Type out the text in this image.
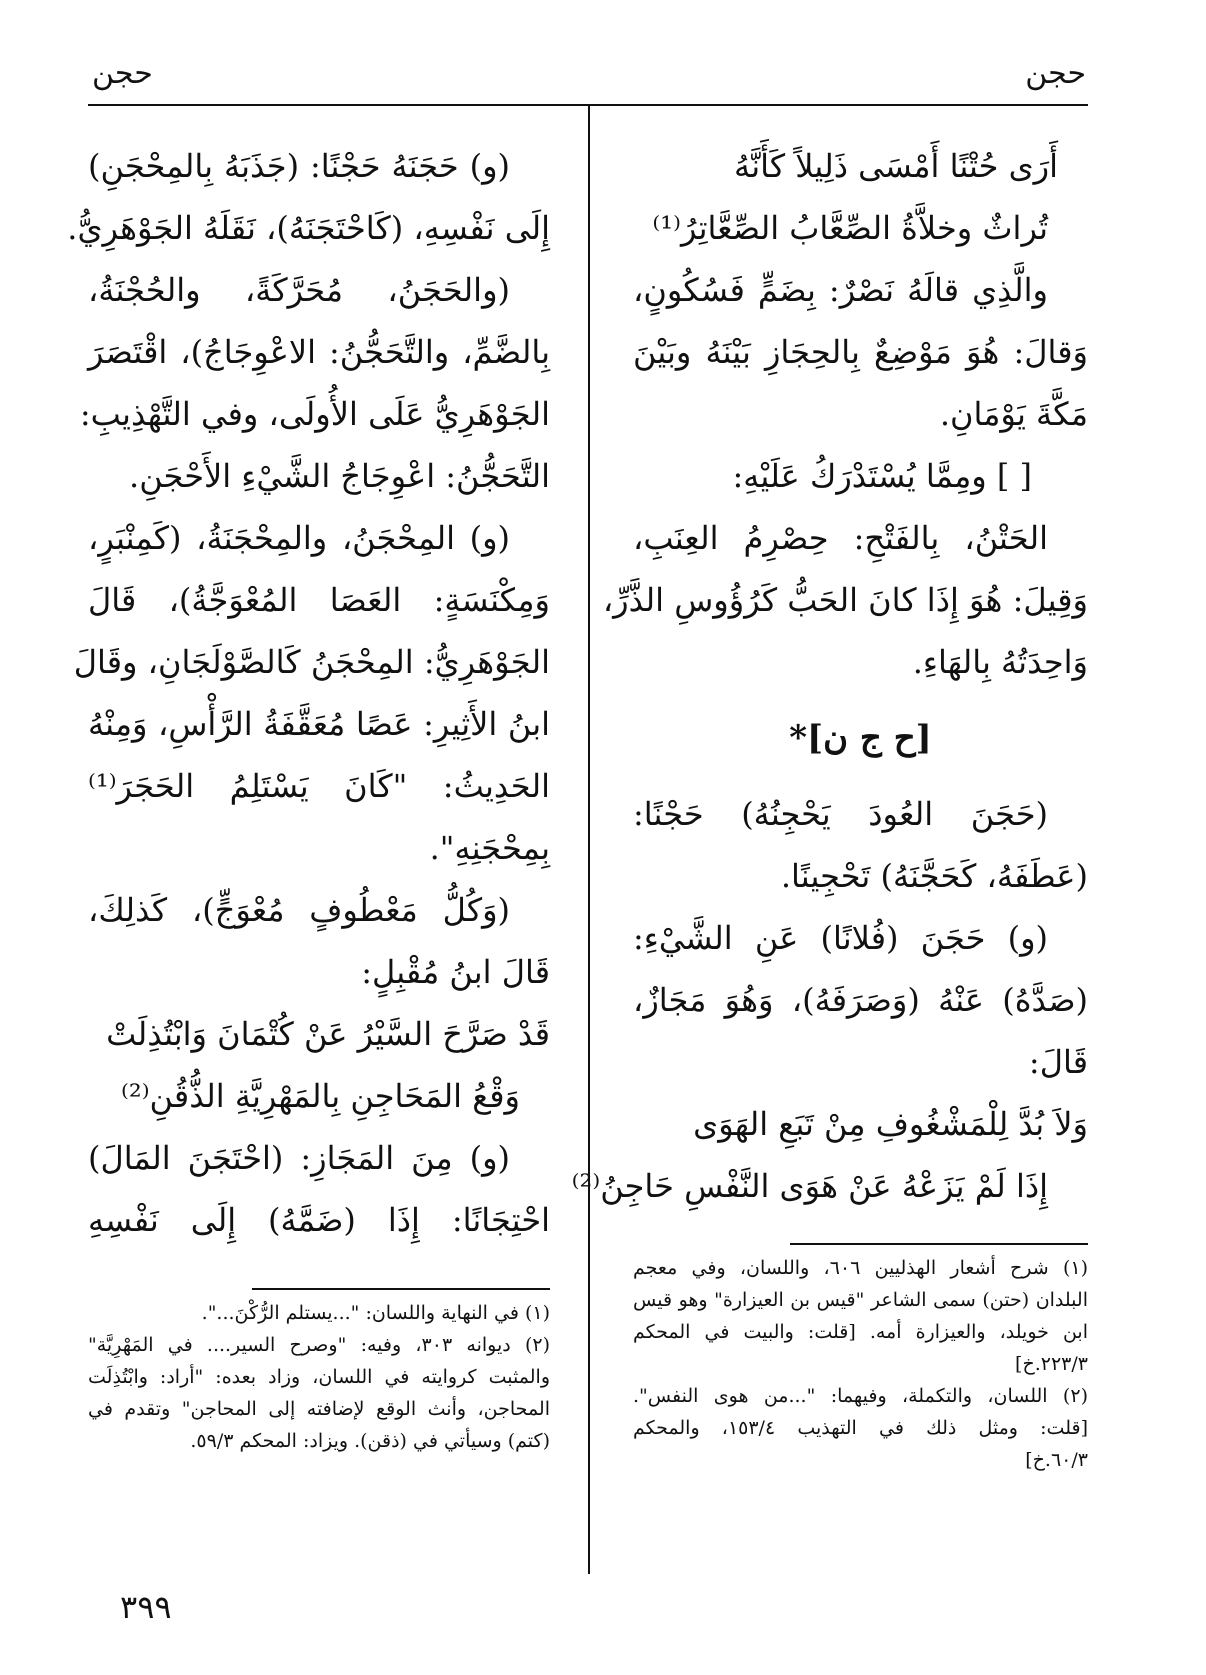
حجن
حجن
أَرَى حُتْنًا أَمْسَى ذَلِيلاً كَأَنَّهُ
تُراثٌ وخلاَّةُ الصِّعَّابُ الصِّعَّاتِرُ⁽¹⁾
والَّذِي قالَهُ نَصْرٌ: بِضَمٍّ فَسُكُونٍ،
وَقالَ: هُوَ مَوْضِعٌ بِالحِجَازِ بَيْنَهُ وبَيْنَ
مَكَّةَ يَوْمَانِ.
[ ] ومِمَّا يُسْتَدْرَكُ عَلَيْهِ:
الحَتْنُ، بِالفَتْحِ: حِصْرِمُ العِنَبِ،
وَقِيلَ: هُوَ إِذَا كانَ الحَبُّ كَرُؤُوسِ الذَّرِّ،
وَاحِدَتُهُ بِالهَاءِ.
[ح ج ن]*
(حَجَنَ العُودَ يَحْجِنُهُ) حَجْنًا:
(عَطَفَهُ، كَحَجَّنَهُ) تَحْجِينًا.
(و) حَجَنَ (فُلانًا) عَنِ الشَّيْءِ:
(صَدَّهُ) عَنْهُ (وَصَرَفَهُ)، وَهُوَ مَجَازٌ،
قَالَ:
وَلاَ بُدَّ لِلْمَشْغُوفِ مِنْ تَبَعِ الهَوَى
إِذَا لَمْ يَزَعْهُ عَنْ هَوَى النَّفْسِ حَاجِنُ⁽²⁾
(و) حَجَنَهُ حَجْنًا: (جَذَبَهُ بِالمِحْجَنِ)
إِلَى نَفْسِهِ، (كَاحْتَجَنَهُ)، نَقَلَهُ الجَوْهَرِيُّ.
(والحَجَنُ، مُحَرَّكَةً، والحُجْنَةُ،
بِالضَّمِّ، والتَّحَجُّنُ: الاعْوِجَاجُ)، اقْتَصَرَ
الجَوْهَرِيُّ عَلَى الأُولَى، وفي التَّهْذِيبِ:
التَّحَجُّنُ: اعْوِجَاجُ الشَّيْءِ الأَحْجَنِ.
(و) المِحْجَنُ، والمِحْجَنَةُ، (كَمِنْبَرٍ،
وَمِكْنَسَةٍ: العَصَا المُعْوَجَّةُ)، قَالَ
الجَوْهَرِيُّ: المِحْجَنُ كَالصَّوْلَجَانِ، وقَالَ
ابنُ الأَثِيرِ: عَصًا مُعَقَّفَةُ الرَّأْسِ، وَمِنْهُ
الحَدِيثُ: "كَانَ يَسْتَلِمُ الحَجَرَ⁽¹⁾
بِمِحْجَنِهِ".
(وَكُلُّ مَعْطُوفٍ مُعْوَجٍّ)، كَذلِكَ،
قَالَ ابنُ مُقْبِلٍ:
قَدْ صَرَّحَ السَّيْرُ عَنْ كُتْمَانَ وَابْتُذِلَتْ
وَقْعُ المَحَاجِنِ بِالمَهْرِيَّةِ الذُّقُنِ⁽²⁾
(و) مِنَ المَجَازِ: (احْتَجَنَ المَالَ)
احْتِجَانًا: إِذَا (ضَمَّهُ) إِلَى نَفْسِهِ
(١) شرح أشعار الهذليين ٦٠٦، واللسان، وفي معجم
البلدان (حتن) سمى الشاعر "قيس بن العيزارة" وهو قيس
ابن خويلد، والعيزارة أمه. [قلت: والبيت في المحكم
٢٢٣/٣.خ]
(٢) اللسان، والتكملة، وفيهما: "...من هوى النفس".
[قلت: ومثل ذلك في التهذيب ١٥٣/٤، والمحكم
٦٠/٣.خ]
(١) في النهاية واللسان: "...يستلم الرُّكْنَ...".
(٢) ديوانه ٣٠٣، وفيه: "وصرح السير.... في المَهْرِيَّة"
والمثبت كروايته في اللسان، وزاد بعده: "أراد: وابْتُذِلَت
المحاجن، وأنث الوقع لإضافته إلى المحاجن" وتقدم في
(كتم) وسيأتي في (ذقن). ويزاد: المحكم ٥٩/٣.
٣٩٩
